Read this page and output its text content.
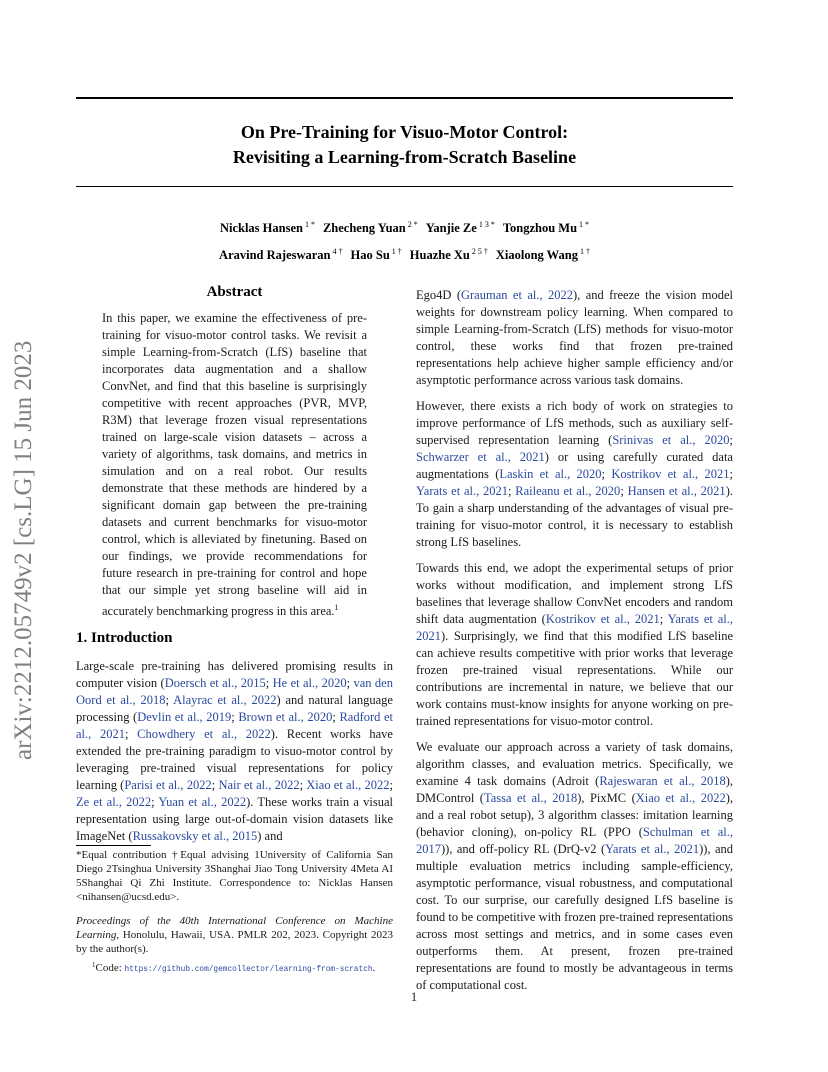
On Pre-Training for Visuo-Motor Control:
Revisiting a Learning-from-Scratch Baseline
Nicklas Hansen $^{1 *}$ Zhecheng Yuan $^{2 *}$ Yanjie Ze $^{1 3 *}$ Tongzhou Mu $^{1 *}$
Aravind Rajeswaran $^{4 \dagger}$ Hao Su $^{1 \dagger}$ Huazhe Xu $^{2 5 \dagger}$ Xiaolong Wang $^{1 \dagger}$
arXiv:2212.05749v2 [cs.LG] 15 Jun 2023
Abstract
In this paper, we examine the effectiveness of pre-training for visuo-motor control tasks. We revisit a simple Learning-from-Scratch (LfS) baseline that incorporates data augmentation and a shallow ConvNet, and find that this baseline is surprisingly competitive with recent approaches (PVR, MVP, R3M) that leverage frozen visual representations trained on large-scale vision datasets – across a variety of algorithms, task domains, and metrics in simulation and on a real robot. Our results demonstrate that these methods are hindered by a significant domain gap between the pre-training datasets and current benchmarks for visuo-motor control, which is alleviated by finetuning. Based on our findings, we provide recommendations for future research in pre-training for control and hope that our simple yet strong baseline will aid in accurately benchmarking progress in this area.$^1$
1. Introduction

Large-scale pre-training has delivered promising results in computer vision (Doersch et al., 2015; He et al., 2020; van den Oord et al., 2018; Alayrac et al., 2022) and natural language processing (Devlin et al., 2019; Brown et al., 2020; Radford et al., 2021; Chowdhery et al., 2022). Recent works have extended the pre-training paradigm to visuo-motor control by leveraging pre-trained visual representations for policy learning (Parisi et al., 2022; Nair et al., 2022; Xiao et al., 2022; Ze et al., 2022; Yuan et al., 2022). These works train a visual representation using large out-of-domain vision datasets like ImageNet (Russakovsky et al., 2015) and

Ego4D (Grauman et al., 2022), and freeze the vision model weights for downstream policy learning. When compared to simple Learning-from-Scratch (LfS) methods for visuo-motor control, these works find that frozen pre-trained representations help achieve higher sample efficiency and/or asymptotic performance across various task domains.

However, there exists a rich body of work on strategies to improve performance of LfS methods, such as auxiliary self-supervised representation learning (Srinivas et al., 2020; Schwarzer et al., 2021) or using carefully curated data augmentations (Laskin et al., 2020; Kostrikov et al., 2021; Yarats et al., 2021; Raileanu et al., 2020; Hansen et al., 2021). To gain a sharp understanding of the advantages of visual pre-training for visuo-motor control, it is necessary to establish strong LfS baselines.

Towards this end, we adopt the experimental setups of prior works without modification, and implement strong LfS baselines that leverage shallow ConvNet encoders and random shift data augmentation (Kostrikov et al., 2021; Yarats et al., 2021). Surprisingly, we find that this modified LfS baseline can achieve results competitive with prior works that leverage frozen pre-trained visual representations. While our contributions are incremental in nature, we believe that our work contains must-know insights for anyone working on pre-trained representations for visuo-motor control.

We evaluate our approach across a variety of task domains, algorithm classes, and evaluation metrics. Specifically, we examine 4 task domains (Adroit (Rajeswaran et al., 2018), DMControl (Tassa et al., 2018), PixMC (Xiao et al., 2022), and a real robot setup), 3 algorithm classes: imitation learning (behavior cloning), on-policy RL (PPO (Schulman et al., 2017)), and off-policy RL (DrQ-v2 (Yarats et al., 2021)), and multiple evaluation metrics including sample-efficiency, asymptotic performance, visual robustness, and computational cost. To our surprise, our carefully designed LfS baseline is found to be competitive with frozen pre-trained representations across most settings and metrics, and in some cases even outperforms them. At present, frozen pre-trained representations are found to mostly be advantageous in terms of computational cost.

*Equal contribution †Equal advising 1University of California San Diego 2Tsinghua University 3Shanghai Jiao Tong University 4Meta AI 5Shanghai Qi Zhi Institute. Correspondence to: Nicklas Hansen <nihansen@ucsd.edu>.
Proceedings of the 40th International Conference on Machine Learning, Honolulu, Hawaii, USA. PMLR 202, 2023. Copyright 2023 by the author(s).
$^1$Code: https://github.com/gemcollector/learning-from-scratch.
1
